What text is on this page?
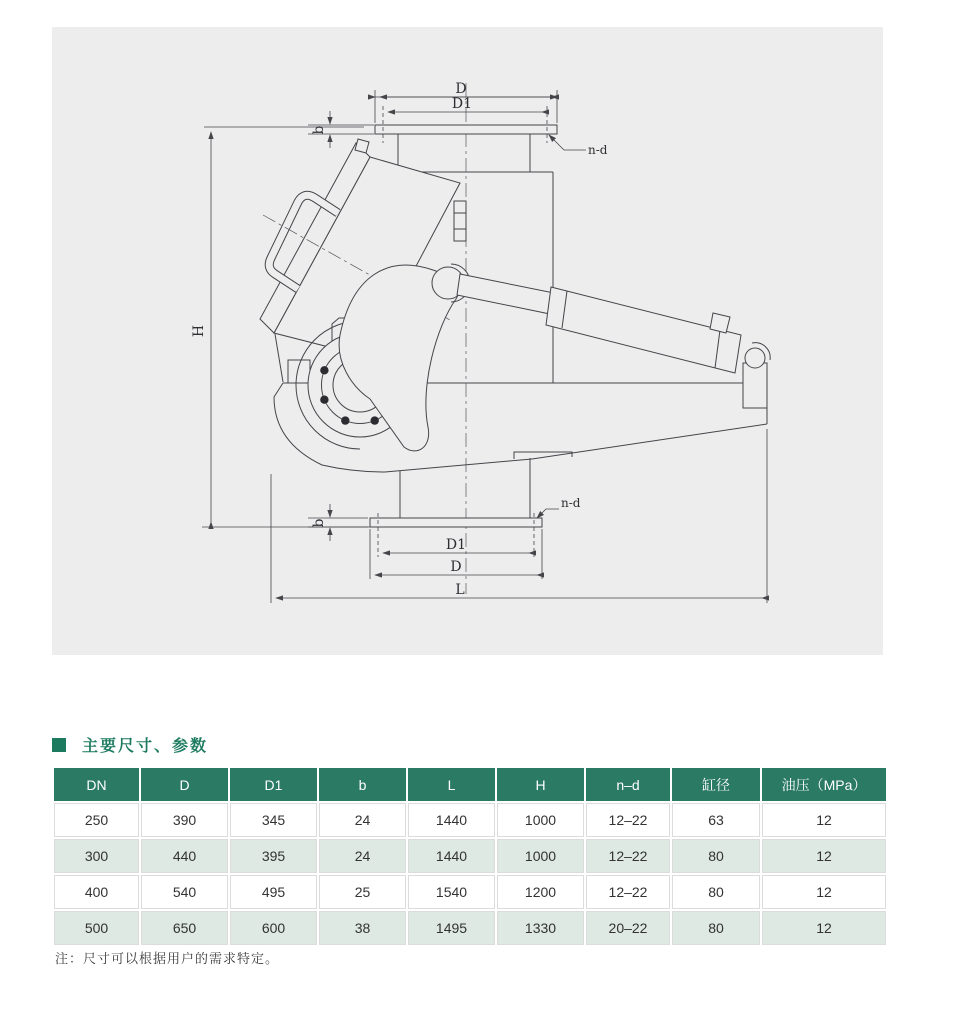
D
D1
b
n-d
H
b
n-d
D1
D
L
主要尺寸、参数
DN	D	D1	b	L	H	n–d	缸径	油压（MPa）
250	390	345	24	1440	1000	12–22	63	12
300	440	395	24	1440	1000	12–22	80	12
400	540	495	25	1540	1200	12–22	80	12
500	650	600	38	1495	1330	20–22	80	12
注：尺寸可以根据用户的需求特定。
